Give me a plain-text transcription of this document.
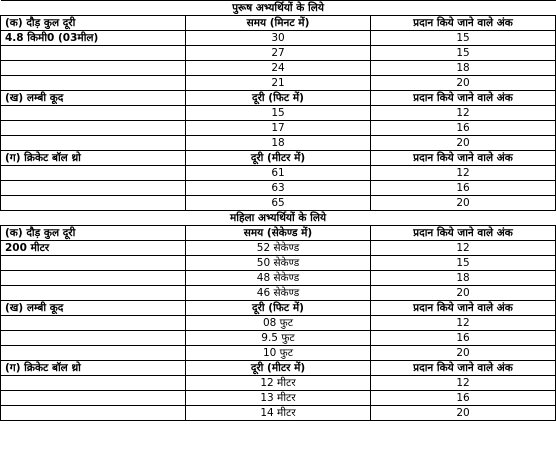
पुरूष अभ्यर्थियों के लिये		
(क) दौड़ कुल दूरी	समय (मिनट में)	प्रदान किये जाने वाले अंक
4.8 किमी0 (03मील)	30	15
	27	15
	24	18
	21	20
(ख) लम्बी कूद	दूरी (फिट में)	प्रदान किये जाने वाले अंक
	15	12
	17	16
	18	20
(ग) क्रिकेट बॉल थ्रो	दूरी (मीटर में)	प्रदान किये जाने वाले अंक
	61	12
	63	16
	65	20
महिला अभ्यर्थियों के लिये		
(क) दौड़ कुल दूरी	समय (सेकेण्ड में)	प्रदान किये जाने वाले अंक
200 मीटर	52 सेकेण्ड	12
	50 सेकेण्ड	15
	48 सेकेण्ड	18
	46 सेकेण्ड	20
(ख) लम्बी कूद	दूरी (फिट में)	प्रदान किये जाने वाले अंक
	08 फुट	12
	9.5 फुट	16
	10 फुट	20
(ग) क्रिकेट बॉल थ्रो	दूरी (मीटर में)	प्रदान किये जाने वाले अंक
	12 मीटर	12
	13 मीटर	16
	14 मीटर	20
